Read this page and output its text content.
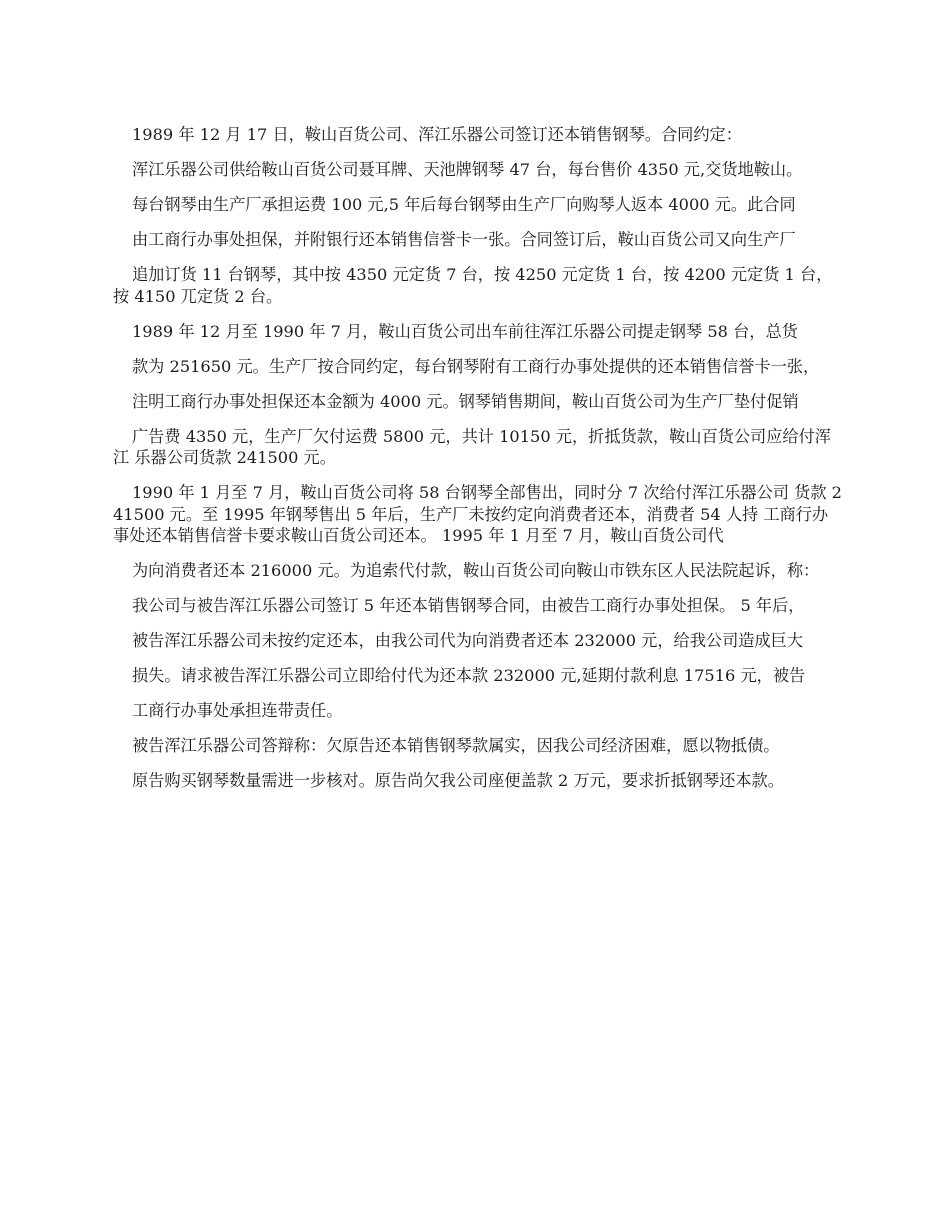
1989 年 12 月 17 日，鞍山百货公司、浑江乐器公司签订还本销售钢琴。合同约定：

浑江乐器公司供给鞍山百货公司聂耳牌、天池牌钢琴 47 台，每台售价 4350 元,交货地鞍山。

每台钢琴由生产厂承担运费 100 元,5 年后每台钢琴由生产厂向购琴人返本 4000 元。此合同

由工商行办事处担保，并附银行还本销售信誉卡一张。合同签订后，鞍山百货公司又向生产厂

追加订货 11 台钢琴，其中按 4350 元定货 7 台，按 4250 元定货 1 台，按 4200 元定货 1 台，按 4150 兀定货 2 台。

1989 年 12 月至 1990 年 7 月，鞍山百货公司出车前往浑江乐器公司提走钢琴 58 台，总货

款为 251650 元。生产厂按合同约定，每台钢琴附有工商行办事处提供的还本销售信誉卡一张，

注明工商行办事处担保还本金额为 4000 元。钢琴销售期间，鞍山百货公司为生产厂垫付促销

广告费 4350 元，生产厂欠付运费 5800 元，共计 10150 元，折抵货款，鞍山百货公司应给付浑江 乐器公司货款 241500 元。

1990 年 1 月至 7 月，鞍山百货公司将 58 台钢琴全部售出，同时分 7 次给付浑江乐器公司 货款 241500 元。至 1995 年钢琴售出 5 年后，生产厂未按约定向消费者还本，消费者 54 人持 工商行办事处还本销售信誉卡要求鞍山百货公司还本。 1995 年 1 月至 7 月，鞍山百货公司代

为向消费者还本 216000 元。为追索代付款，鞍山百货公司向鞍山市铁东区人民法院起诉，称：

我公司与被告浑江乐器公司签订 5 年还本销售钢琴合同，由被告工商行办事处担保。 5 年后，

被告浑江乐器公司未按约定还本，由我公司代为向消费者还本 232000 元，给我公司造成巨大

损失。请求被告浑江乐器公司立即给付代为还本款 232000 元,延期付款利息 17516 元，被告

工商行办事处承担连带责任。

被告浑江乐器公司答辩称：欠原告还本销售钢琴款属实，因我公司经济困难，愿以物抵债。

原告购买钢琴数量需进一步核对。原告尚欠我公司座便盖款 2 万元，要求折抵钢琴还本款。
